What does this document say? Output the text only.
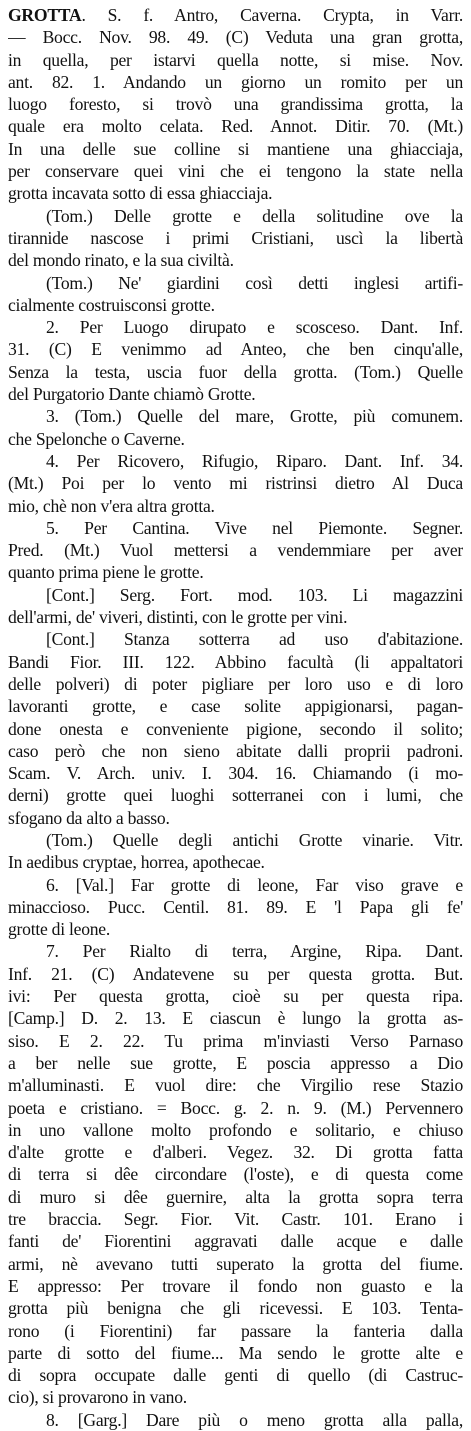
GROTTA. S. f. Antro, Caverna. Crypta, in Varr.
— Bocc. Nov. 98. 49. (C) Veduta una gran grotta,
in quella, per istarvi quella notte, si mise. Nov.
ant. 82. 1. Andando un giorno un romito per un
luogo foresto, si trovò una grandissima grotta, la
quale era molto celata. Red. Annot. Ditir. 70. (Mt.)
In una delle sue colline si mantiene una ghiacciaja,
per conservare quei vini che ei tengono la state nella
grotta incavata sotto di essa ghiacciaja.
(Tom.) Delle grotte e della solitudine ove la
tirannide nascose i primi Cristiani, uscì la libertà
del mondo rinato, e la sua civiltà.
(Tom.) Ne' giardini così detti inglesi artifi-
cialmente costruisconsi grotte.
2. Per Luogo dirupato e scosceso. Dant. Inf.
31. (C) E venimmo ad Anteo, che ben cinqu'alle,
Senza la testa, uscia fuor della grotta. (Tom.) Quelle
del Purgatorio Dante chiamò Grotte.
3. (Tom.) Quelle del mare, Grotte, più comunem.
che Spelonche o Caverne.
4. Per Ricovero, Rifugio, Riparo. Dant. Inf. 34.
(Mt.) Poi per lo vento mi ristrinsi dietro Al Duca
mio, chè non v'era altra grotta.
5. Per Cantina. Vive nel Piemonte. Segner.
Pred. (Mt.) Vuol mettersi a vendemmiare per aver
quanto prima piene le grotte.
[Cont.] Serg. Fort. mod. 103. Li magazzini
dell'armi, de' viveri, distinti, con le grotte per vini.
[Cont.] Stanza sotterra ad uso d'abitazione.
Bandi Fior. III. 122. Abbino facultà (li appaltatori
delle polveri) di poter pigliare per loro uso e di loro
lavoranti grotte, e case solite appigionarsi, pagan-
done onesta e conveniente pigione, secondo il solito;
caso però che non sieno abitate dalli proprii padroni.
Scam. V. Arch. univ. I. 304. 16. Chiamando (i mo-
derni) grotte quei luoghi sotterranei con i lumi, che
sfogano da alto a basso.
(Tom.) Quelle degli antichi Grotte vinarie. Vitr.
In aedibus cryptae, horrea, apothecae.
6. [Val.] Far grotte di leone, Far viso grave e
minaccioso. Pucc. Centil. 81. 89. E 'l Papa gli fe'
grotte di leone.
7. Per Rialto di terra, Argine, Ripa. Dant.
Inf. 21. (C) Andatevene su per questa grotta. But.
ivi: Per questa grotta, cioè su per questa ripa.
[Camp.] D. 2. 13. E ciascun è lungo la grotta as-
siso. E 2. 22. Tu prima m'inviasti Verso Parnaso
a ber nelle sue grotte, E poscia appresso a Dio
m'alluminasti. E vuol dire: che Virgilio rese Stazio
poeta e cristiano. = Bocc. g. 2. n. 9. (M.) Pervennero
in uno vallone molto profondo e solitario, e chiuso
d'alte grotte e d'alberi. Vegez. 32. Di grotta fatta
di terra si dêe circondare (l'oste), e di questa come
di muro si dêe guernire, alta la grotta sopra terra
tre braccia. Segr. Fior. Vit. Castr. 101. Erano i
fanti de' Fiorentini aggravati dalle acque e dalle
armi, nè avevano tutti superato la grotta del fiume.
E appresso: Per trovare il fondo non guasto e la
grotta più benigna che gli ricevessi. E 103. Tenta-
rono (i Fiorentini) far passare la fanteria dalla
parte di sotto del fiume... Ma sendo le grotte alte e
di sopra occupate dalle genti di quello (di Castruc-
cio), si provarono in vano.
8. [Garg.] Dare più o meno grotta alla palla,
